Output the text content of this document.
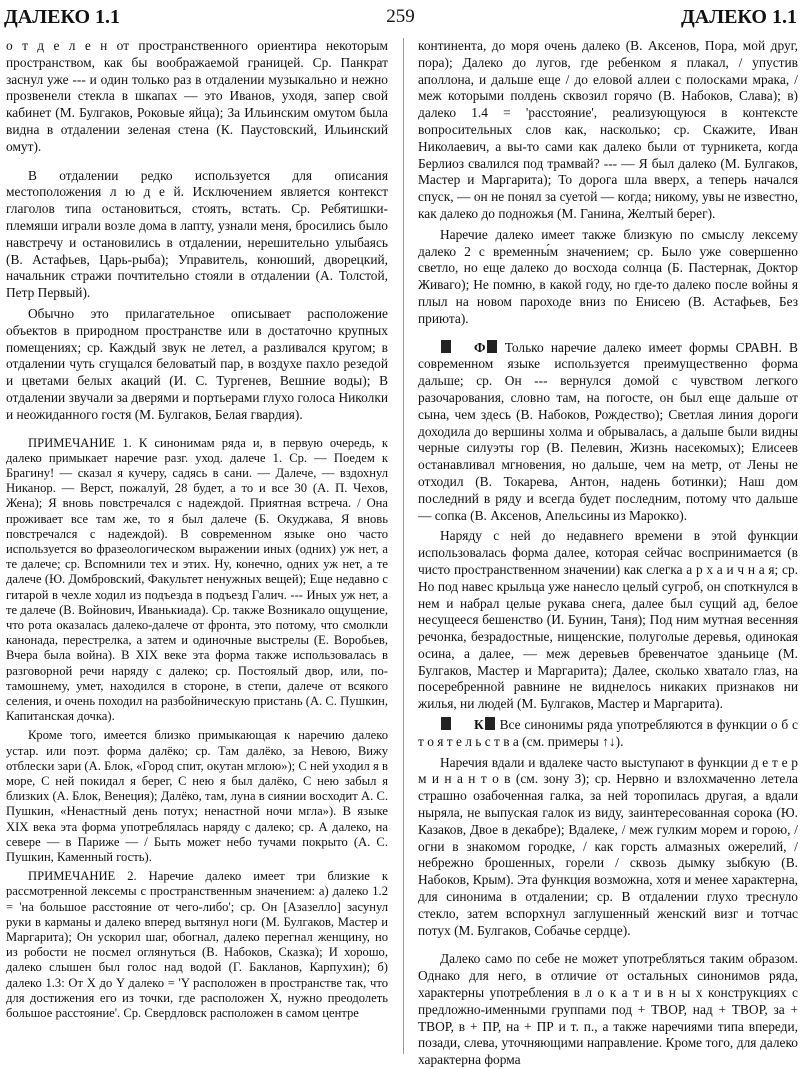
ДАЛЕКО 1.1	259	ДАЛЕКО 1.1

о т д е л е н от пространственного ориентира некоторым пространством, как бы воображаемой границей. Ср. Панкрат заснул уже --- и один только раз в отдалении музыкально и нежно прозвенели стекла в шкапах — это Иванов, уходя, запер свой кабинет (М. Булгаков, Роковые яйца); За Ильинским омутом была видна в отдалении зеленая стена (К. Паустовский, Ильинский омут).

В отдалении редко используется для описания местоположения л ю д е й. Исключением является контекст глаголов типа остановиться, стоять, встать. Ср. Ребятишки-племяши играли возле дома в лапту, узнали меня, бросились было навстречу и остановились в отдалении, нерешительно улыбаясь (В. Астафьев, Царь-рыба); Управитель, конюший, дворецкий, начальник стражи почтительно стояли в отдалении (А. Толстой, Петр Первый).

Обычно это прилагательное описывает расположение объектов в природном пространстве или в достаточно крупных помещениях; ср. Каждый звук не летел, а разливался кругом; в отдалении чуть сгущался беловатый пар, в воздухе пахло резедой и цветами белых акаций (И. С. Тургенев, Вешние воды); В отдалении звучали за дверями и портьерами глухо голоса Николки и неожиданного гостя (М. Булгаков, Белая гвардия).

ПРИМЕЧАНИЕ 1. К синонимам ряда и, в первую очередь, к далеко примыкает наречие разг. уход. далече 1. Ср. — Поедем к Брагину! — сказал я кучеру, садясь в сани. — Далече, — вздохнул Никанор. — Верст, пожалуй, 28 будет, а то и все 30 (А. П. Чехов, Жена); Я вновь повстречался с надеждой. Приятная встреча. / Она проживает все там же, то я был далече (Б. Окуджава, Я вновь повстречался с надеждой). В современном языке оно часто используется во фразеологическом выражении иных (одних) уж нет, а те далече; ср. Вспомнили тех и этих. Ну, конечно, одних уж нет, а те далече (Ю. Домбровский, Факультет ненужных вещей); Еще недавно с гитарой в чехле ходил из подъезда в подъезд Галич. --- Иных уж нет, а те далече (В. Войнович, Иванькиада). Ср. также Возникало ощущение, что рота оказалась далеко-далече от фронта, это потому, что смолкли канонада, перестрелка, а затем и одиночные выстрелы (Е. Воробьев, Вчера была война). В XIX веке эта форма также использовалась в разговорной речи наряду с далеко; ср. Постоялый двор, или, по-тамошнему, умет, находился в стороне, в степи, далече от всякого селения, и очень походил на разбойническую пристань (А. С. Пушкин, Капитанская дочка).

Кроме того, имеется близко примыкающая к наречию далеко устар. или поэт. форма далёко; ср. Там далёко, за Невою, Вижу отблески зари (А. Блок, «Город спит, окутан мглою»); С ней уходил я в море, С ней покидал я берег, С нею я был далёко, С нею забыл я близких (А. Блок, Венеция); Далёко, там, луна в сиянии восходит А. С. Пушкин, «Ненастный день потух; ненастной ночи мгла»). В языке XIX века эта форма употреблялась наряду с далеко; ср. А далеко, на севере — в Париже — / Быть может небо тучами покрыто (А. С. Пушкин, Каменный гость).

ПРИМЕЧАНИЕ 2. Наречие далеко имеет три близкие к рассмотренной лексемы с пространственным значением: а) далеко 1.2 = 'на большое расстояние от чего-либо'; ср. Он [Азазелло] засунул руки в карманы и далеко вперед вытянул ноги (М. Булгаков, Мастер и Маргарита); Он ускорил шаг, обогнал, далеко перегнал женщину, но из робости не посмел оглянуться (В. Набоков, Сказка); И хорошо, далеко слышен был голос над водой (Г. Бакланов, Карпухин); б) далеко 1.3: От X до Y далеко = 'Y расположен в пространстве так, что для достижения его из точки, где расположен X, нужно преодолеть большое расстояние'. Ср. Свердловск расположен в самом центре

континента, до моря очень далеко (В. Аксенов, Пора, мой друг, пора); Далеко до лугов, где ребенком я плакал, / упустив аполлона, и дальше еще / до еловой аллеи с полосками мрака, / меж которыми полдень сквозил горячо (В. Набоков, Слава); в) далеко 1.4 = 'расстояние', реализующуюся в контексте вопросительных слов как, насколько; ср. Скажите, Иван Николаевич, а вы-то сами как далеко были от турникета, когда Берлиоз свалился под трамвай? --- — Я был далеко (М. Булгаков, Мастер и Маргарита); То дорога шла вверх, а теперь начался спуск, — он не понял за суетой — когда; никому, увы не известно, как далеко до подножья (М. Ганина, Желтый берег).

Наречие далеко имеет также близкую по смыслу лексему далеко 2 с временны́м значением; ср. Было уже совершенно светло, но еще далеко до восхода солнца (Б. Пастернак, Доктор Живаго); Не помню, в какой году, но где-то далеко после войны я плыл на новом пароходе вниз по Енисею (В. Астафьев, Без приюта).

Ф Только наречие далеко имеет формы СРАВН. В современном языке используется преимущественно форма дальше; ср. Он --- вернулся домой с чувством легкого разочарования, словно там, на погосте, он был еще дальше от сына, чем здесь (В. Набоков, Рождество); Светлая линия дороги доходила до вершины холма и обрывалась, а дальше были видны черные силуэты гор (В. Пелевин, Жизнь насекомых); Елисеев останавливал мгновения, но дальше, чем на метр, от Лены не отходил (В. Токарева, Антон, надень ботинки); Наш дом последний в ряду и всегда будет последним, потому что дальше — сопка (В. Аксенов, Апельсины из Марокко).

Наряду с ней до недавнего времени в этой функции использовалась форма далее, которая сейчас воспринимается (в чисто пространственном значении) как слегка а р х а и ч н а я; ср. Но под навес крыльца уже нанесло целый сугроб, он споткнулся в нем и набрал целые рукава снега, далее был сущий ад, белое несущееся бешенство (И. Бунин, Таня); Под ним мутная весенняя речонка, безрадостные, нищенские, полуголые деревья, одинокая осина, а далее, — меж деревьев бревенчатое зданьице (М. Булгаков, Мастер и Маргарита); Далее, сколько хватало глаз, на посеребренной равнине не виднелось никаких признаков ни жилья, ни людей (М. Булгаков, Мастер и Маргарита).

К Все синонимы ряда употребляются в функции о б с т о я т е л ь с т в а (см. примеры ↑↓).

Наречия вдали и вдалеке часто выступают в функции д е т е р м и н а н т о в (см. зону З); ср. Нервно и взлохмаченно летела страшно озабоченная галка, за ней торопилась другая, а вдали ныряла, не выпуская галок из виду, заинтересованная сорока (Ю. Казаков, Двое в декабре); Вдалеке, / меж гулким морем и горою, / огни в знакомом городке, / как горсть алмазных ожерелий, / небрежно брошенных, горели / сквозь дымку зыбкую (В. Набоков, Крым). Эта функция возможна, хотя и менее характерна, для синонима в отдалении; ср. В отдалении глухо треснуло стекло, затем вспорхнул заглушенный женский визг и тотчас потух (М. Булгаков, Собачье сердце).

Далеко само по себе не может употребляться таким образом. Однако для него, в отличие от остальных синонимов ряда, характерны употребления в л о к а т и в н ы х конструкциях с предложно-именными группами под + ТВОР, над + ТВОР, за + ТВОР, в + ПР, на + ПР и т. п., а также наречиями типа впереди, позади, слева, уточняющими направление. Кроме того, для далеко характерна форма
